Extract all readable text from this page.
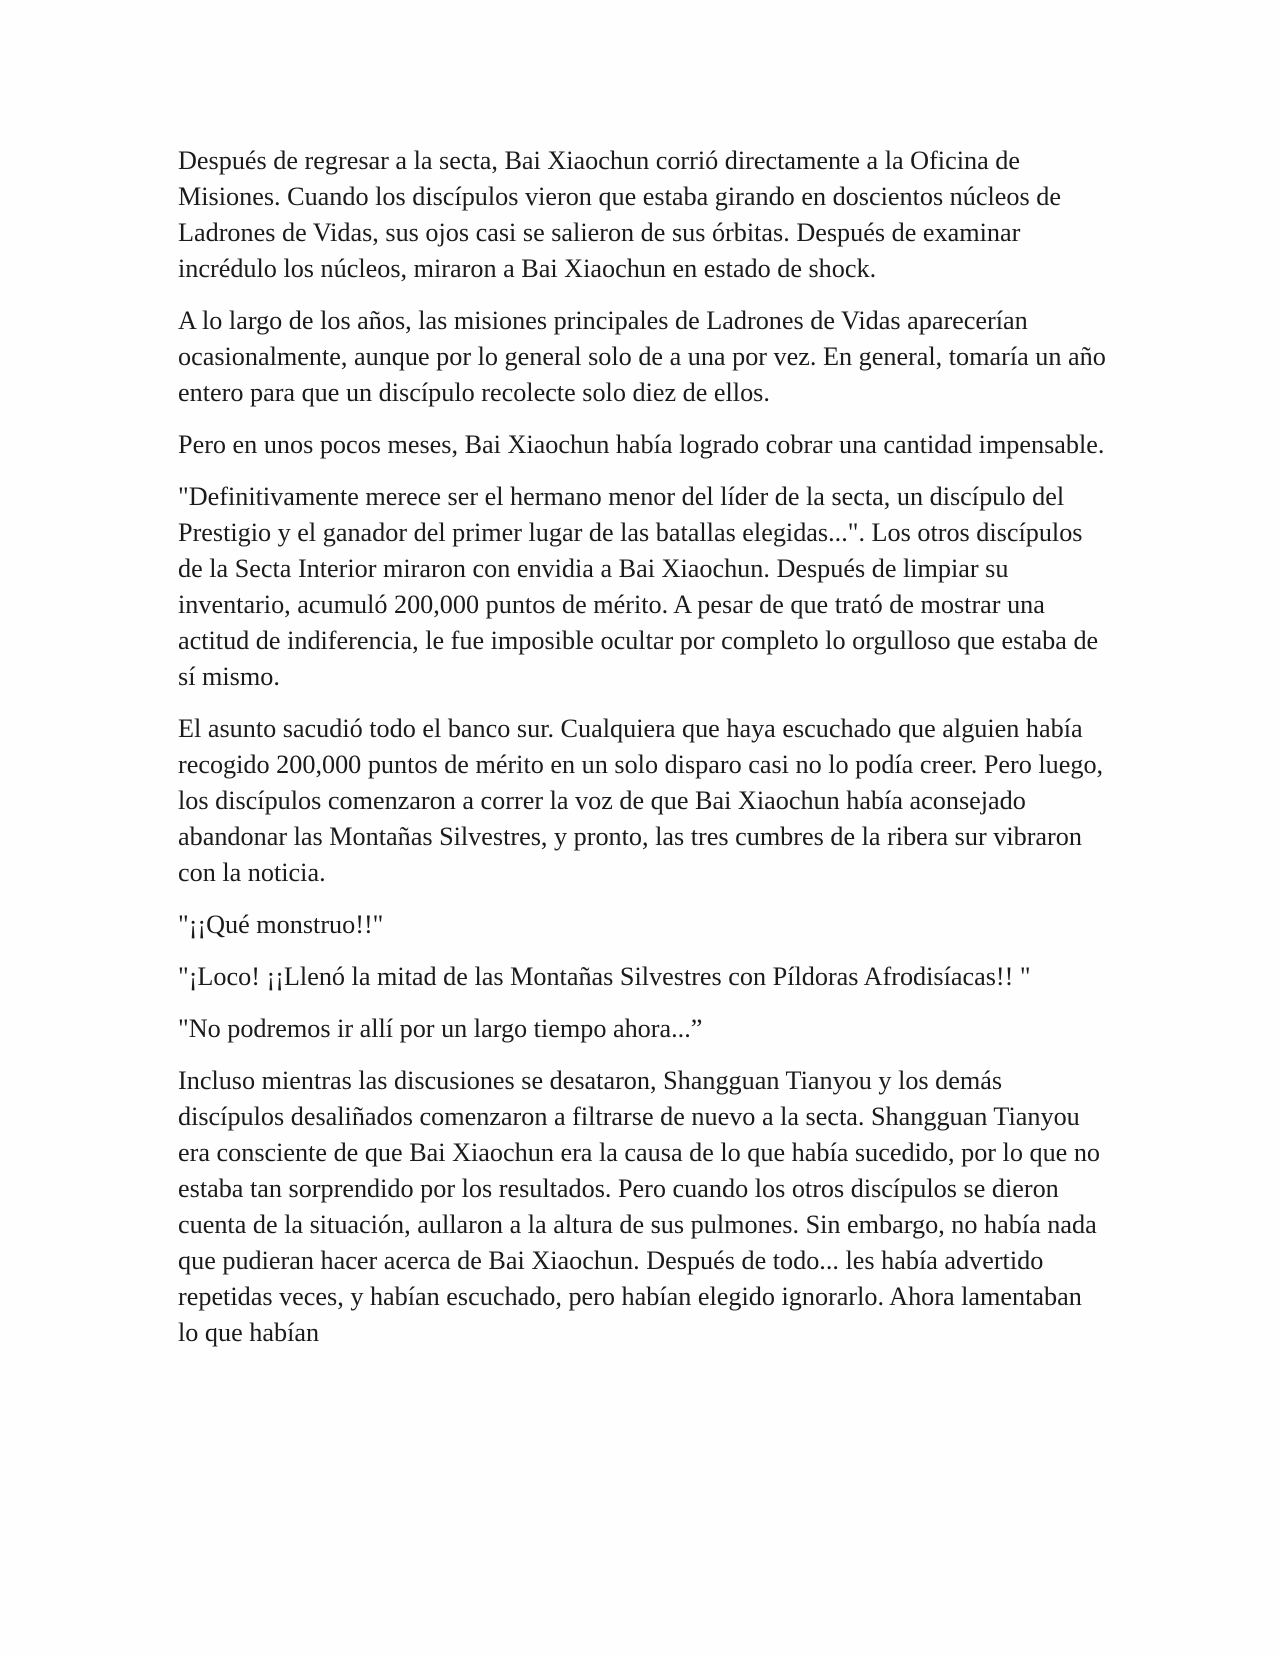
Después de regresar a la secta, Bai Xiaochun corrió directamente a la Oficina de Misiones. Cuando los discípulos vieron que estaba girando en doscientos núcleos de Ladrones de Vidas, sus ojos casi se salieron de sus órbitas. Después de examinar incrédulo los núcleos, miraron a Bai Xiaochun en estado de shock.

A lo largo de los años, las misiones principales de Ladrones de Vidas aparecerían ocasionalmente, aunque por lo general solo de a una por vez. En general, tomaría un año entero para que un discípulo recolecte solo diez de ellos.

Pero en unos pocos meses, Bai Xiaochun había logrado cobrar una cantidad impensable.

"Definitivamente merece ser el hermano menor del líder de la secta, un discípulo del Prestigio y el ganador del primer lugar de las batallas elegidas...". Los otros discípulos de la Secta Interior miraron con envidia a Bai Xiaochun. Después de limpiar su inventario, acumuló 200,000 puntos de mérito. A pesar de que trató de mostrar una actitud de indiferencia, le fue imposible ocultar por completo lo orgulloso que estaba de sí mismo.

El asunto sacudió todo el banco sur. Cualquiera que haya escuchado que alguien había recogido 200,000 puntos de mérito en un solo disparo casi no lo podía creer. Pero luego, los discípulos comenzaron a correr la voz de que Bai Xiaochun había aconsejado abandonar las Montañas Silvestres, y pronto, las tres cumbres de la ribera sur vibraron con la noticia.

"¡¡Qué monstruo!!"

"¡Loco! ¡¡Llenó la mitad de las Montañas Silvestres con Píldoras Afrodisíacas!! "

"No podremos ir allí por un largo tiempo ahora...”

Incluso mientras las discusiones se desataron, Shangguan Tianyou y los demás discípulos desaliñados comenzaron a filtrarse de nuevo a la secta. Shangguan Tianyou era consciente de que Bai Xiaochun era la causa de lo que había sucedido, por lo que no estaba tan sorprendido por los resultados. Pero cuando los otros discípulos se dieron cuenta de la situación, aullaron a la altura de sus pulmones. Sin embargo, no había nada que pudieran hacer acerca de Bai Xiaochun. Después de todo... les había advertido repetidas veces, y habían escuchado, pero habían elegido ignorarlo. Ahora lamentaban lo que habían
